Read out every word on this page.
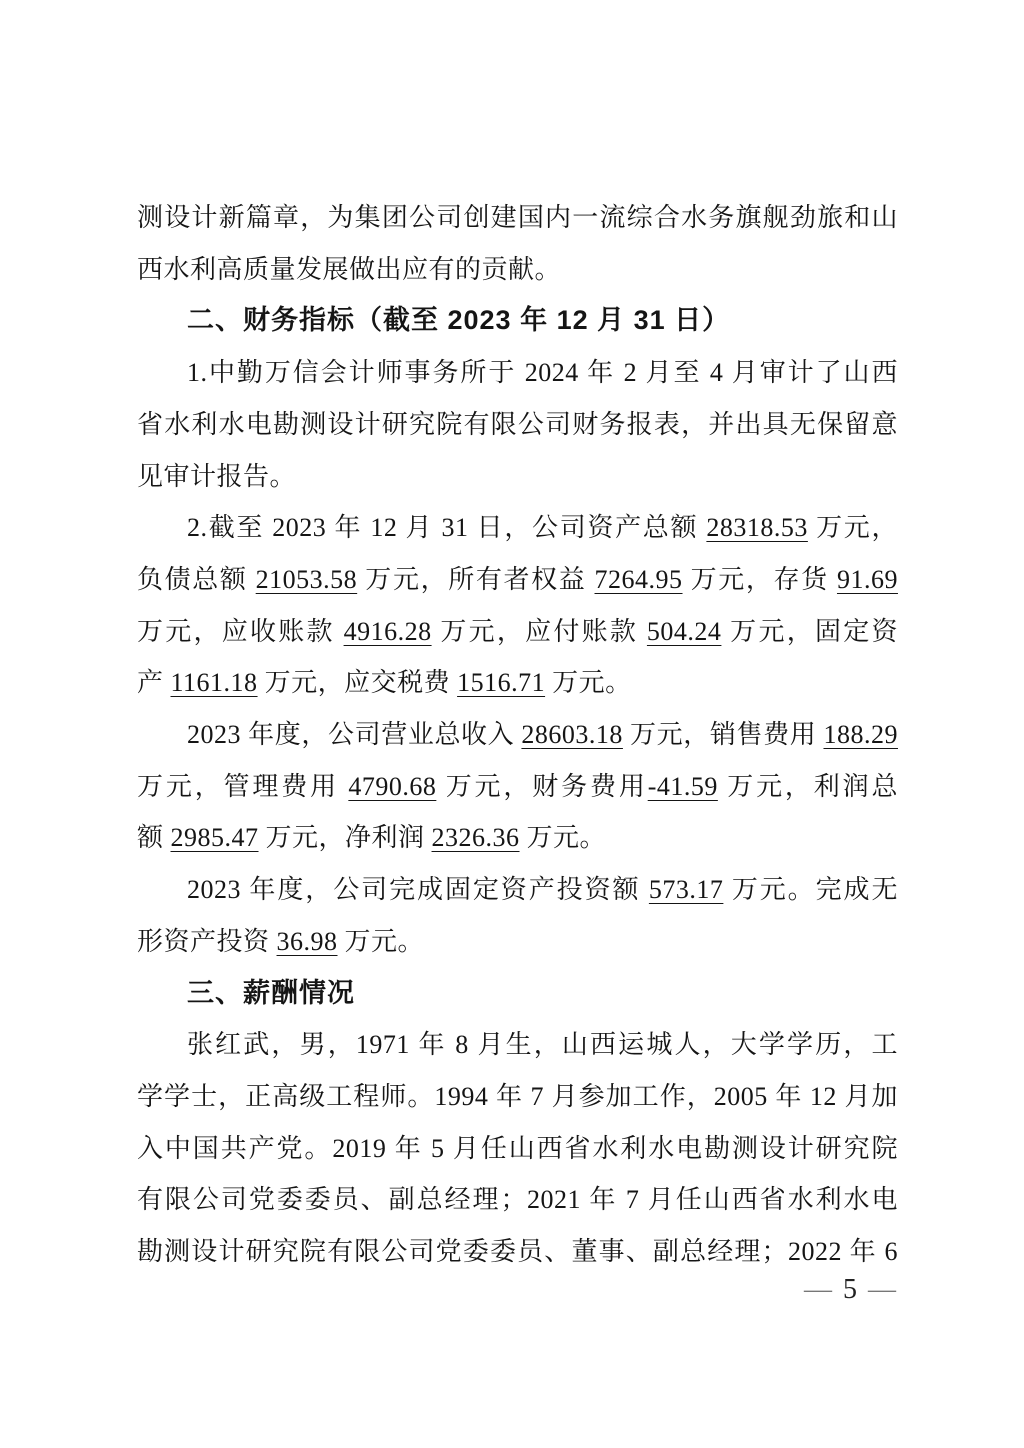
测设计新篇章，为集团公司创建国内一流综合水务旗舰劲旅和山
西水利高质量发展做出应有的贡献。
二、财务指标（截至 2023 年 12 月 31 日）
1.中勤万信会计师事务所于 2024 年 2 月至 4 月审计了山西
省水利水电勘测设计研究院有限公司财务报表，并出具无保留意
见审计报告。
2.截至 2023 年 12 月 31 日，公司资产总额 28318.53 万元，
负债总额 21053.58 万元，所有者权益 7264.95 万元，存货 91.69
万元，应收账款 4916.28 万元，应付账款 504.24 万元，固定资
产 1161.18 万元，应交税费 1516.71 万元。
2023 年度，公司营业总收入 28603.18 万元，销售费用 188.29
万元，管理费用 4790.68 万元，财务费用-41.59 万元，利润总
额 2985.47 万元，净利润 2326.36 万元。
2023 年度，公司完成固定资产投资额 573.17 万元。完成无
形资产投资 36.98 万元。
三、薪酬情况
张红武，男，1971 年 8 月生，山西运城人，大学学历，工
学学士，正高级工程师。1994 年 7 月参加工作，2005 年 12 月加
入中国共产党。2019 年 5 月任山西省水利水电勘测设计研究院
有限公司党委委员、副总经理；2021 年 7 月任山西省水利水电
勘测设计研究院有限公司党委委员、董事、副总经理；2022 年 6
— 5 —
